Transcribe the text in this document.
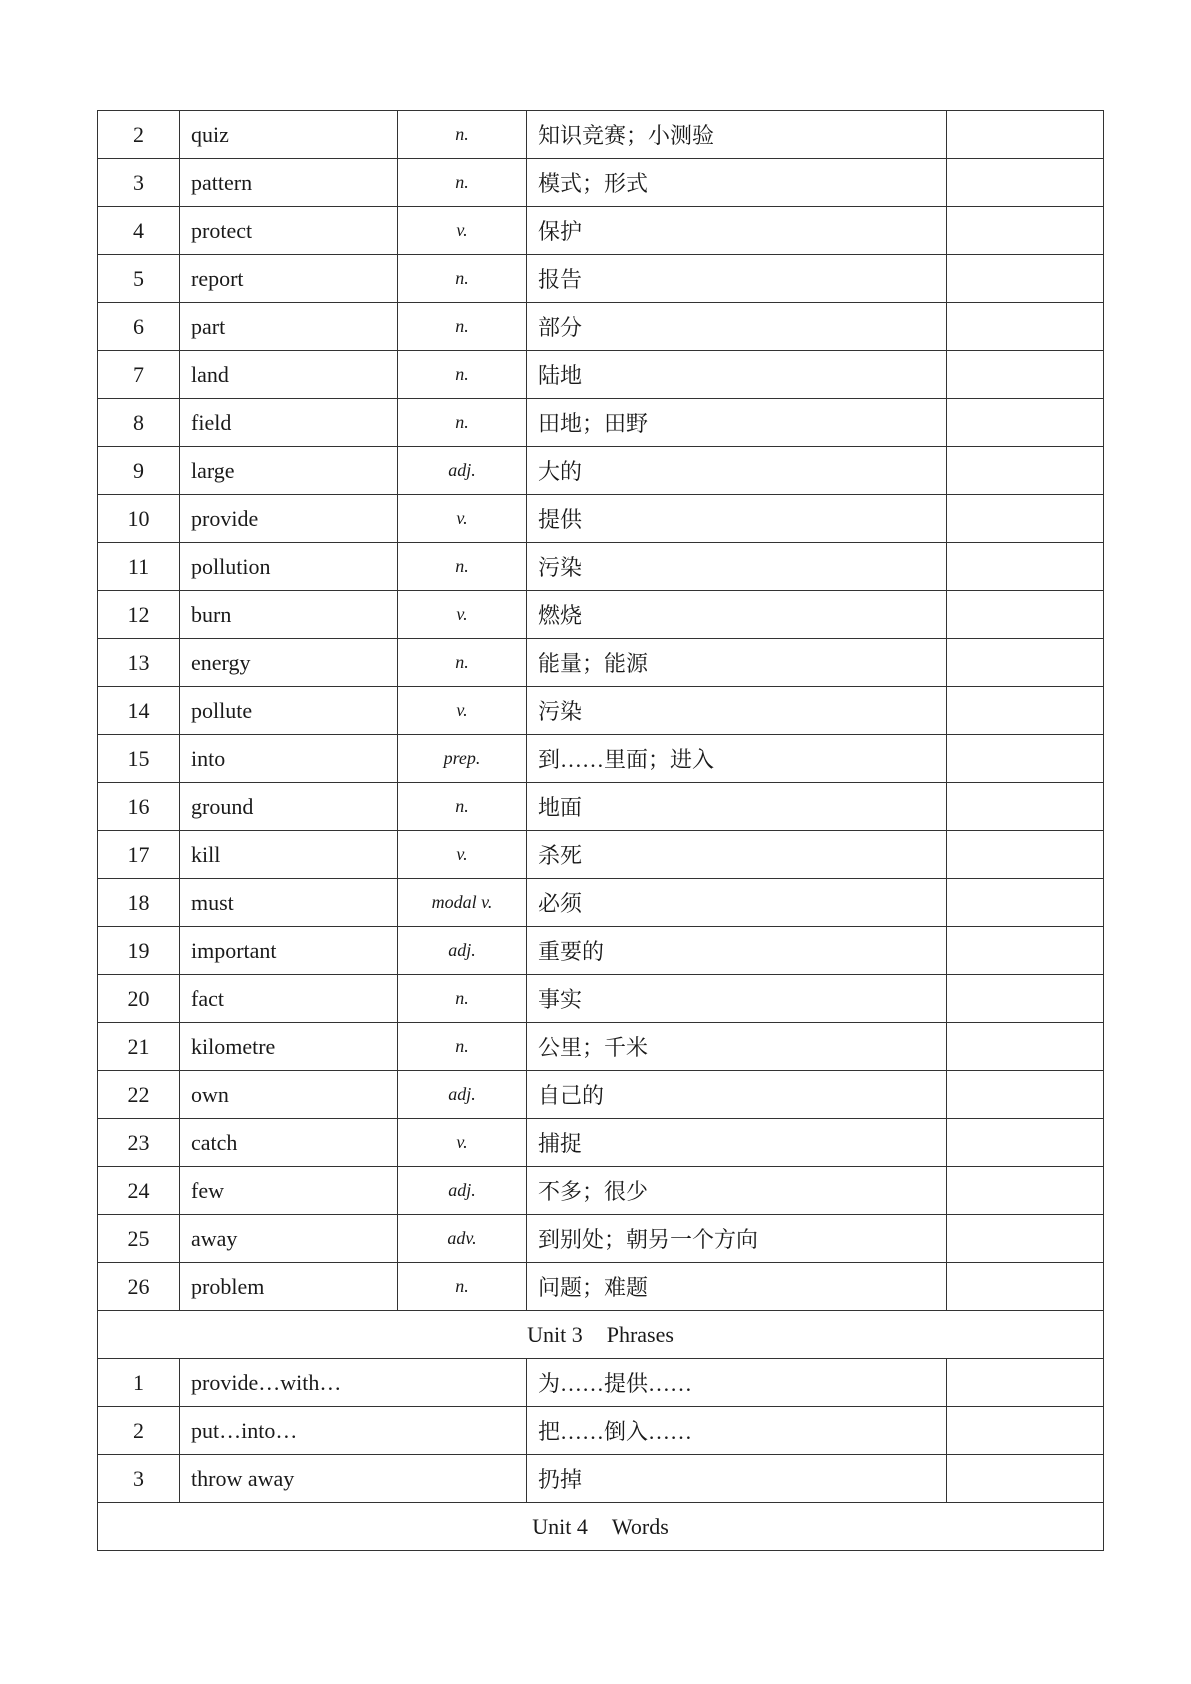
2	quiz	n.	知识竞赛；小测验	
3	pattern	n.	模式；形式	
4	protect	v.	保护	
5	report	n.	报告	
6	part	n.	部分	
7	land	n.	陆地	
8	field	n.	田地；田野	
9	large	adj.	大的	
10	provide	v.	提供	
11	pollution	n.	污染	
12	burn	v.	燃烧	
13	energy	n.	能量；能源	
14	pollute	v.	污染	
15	into	prep.	到……里面；进入	
16	ground	n.	地面	
17	kill	v.	杀死	
18	must	modal v.	必须	
19	important	adj.	重要的	
20	fact	n.	事实	
21	kilometre	n.	公里；千米	
22	own	adj.	自己的	
23	catch	v.	捕捉	
24	few	adj.	不多；很少	
25	away	adv.	到别处；朝另一个方向	
26	problem	n.	问题；难题	
Unit 3 Phrases				
1	provide…with…		为……提供……	
2	put…into…		把……倒入……	
3	throw away		扔掉	
Unit 4 Words				
